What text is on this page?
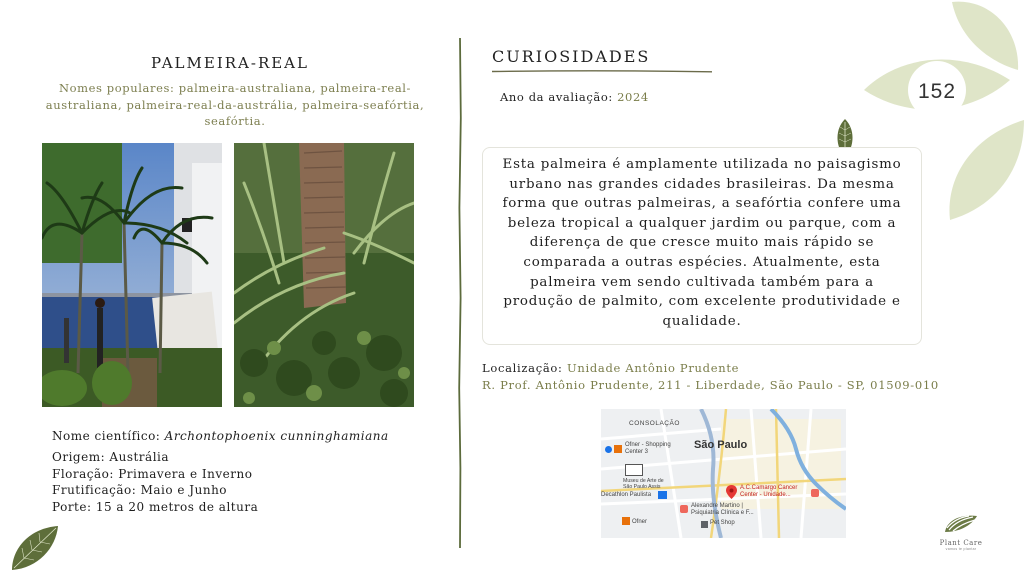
PALMEIRA-REAL
Nomes populares: palmeira-australiana, palmeira-real-australiana, palmeira-real-da-austrália, palmeira-seafórtia, seafórtia.
Nome científico: Archontophoenix cunninghamiana
Origem: Austrália
Floração: Primavera e Inverno
Frutificação: Maio e Junho
Porte: 15 a 20 metros de altura
CURIOSIDADES
Ano da avaliação: 2024

Esta palmeira é amplamente utilizada no paisagismo urbano nas grandes cidades brasileiras. Da mesma forma que outras palmeiras, a seafórtia confere uma beleza tropical a qualquer jardim ou parque, com a diferença de que cresce muito mais rápido se comparada a outras espécies. Atualmente, esta palmeira vem sendo cultivada também para a produção de palmito, com excelente produtividade e qualidade.

Localização: Unidade Antônio Prudente
R. Prof. Antônio Prudente, 211 - Liberdade, São Paulo - SP, 01509-010
CONSOLAÇÃO
São Paulo
Ofner - Shopping
Center 3
Museu de Arte de
São Paulo Assis
Decathlon Paulista
A.C.Camargo Cancer
Center - Unidade...
Alexandre Martino |
Psiquiatria Clínica e F...
Pet Shop
Ofner
152
Plant Care
vamos te plantar
